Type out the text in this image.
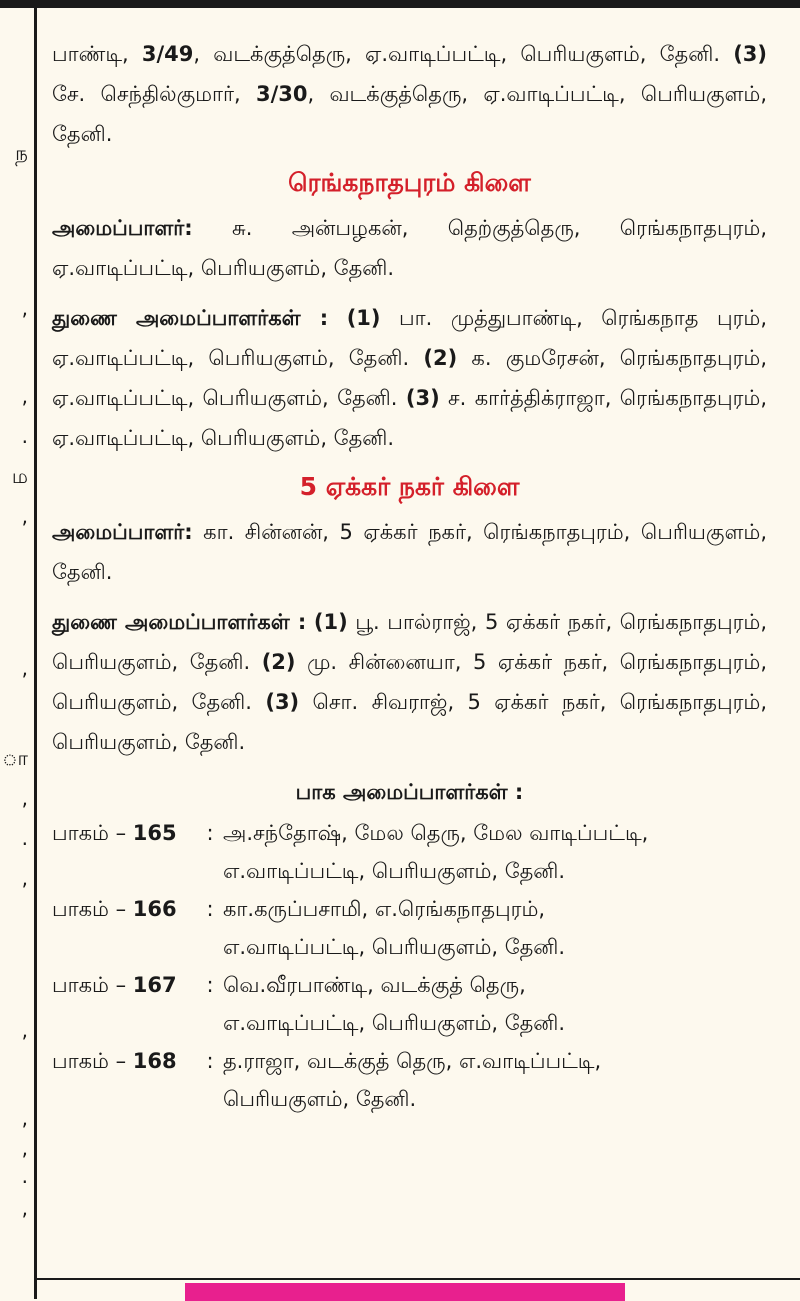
ந
,
,
.
ம
,
,
ா
,
.
,
,
,
,
.
,

பாண்டி, 3/49, வடக்குத்தெரு, ஏ.வாடிப்பட்டி, பெரியகுளம், தேனி. (3) சே. செந்தில்குமார், 3/30, வடக்குத்தெரு, ஏ.வாடிப்பட்டி, பெரியகுளம், தேனி.

ரெங்கநாதபுரம் கிளை

அமைப்பாளர்: சு. அன்பழகன், தெற்குத்தெரு, ரெங்கநாதபுரம், ஏ.வாடிப்பட்டி, பெரியகுளம், தேனி.

துணை அமைப்பாளர்கள் : (1) பா. முத்துபாண்டி, ரெங்கநாத புரம், ஏ.வாடிப்பட்டி, பெரியகுளம், தேனி. (2) க. குமரேசன், ரெங்கநாதபுரம், ஏ.வாடிப்பட்டி, பெரியகுளம், தேனி. (3) ச. கார்த்திக்ராஜா, ரெங்கநாதபுரம், ஏ.வாடிப்பட்டி, பெரியகுளம், தேனி.

5 ஏக்கர் நகர் கிளை

அமைப்பாளர்: கா. சின்னன், 5 ஏக்கர் நகர், ரெங்கநாதபுரம், பெரியகுளம், தேனி.

துணை அமைப்பாளர்கள் : (1) பூ. பால்ராஜ், 5 ஏக்கர் நகர், ரெங்கநாதபுரம், பெரியகுளம், தேனி. (2) மு. சின்னையா, 5 ஏக்கர் நகர், ரெங்கநாதபுரம், பெரியகுளம், தேனி. (3) சொ. சிவராஜ், 5 ஏக்கர் நகர், ரெங்கநாதபுரம், பெரியகுளம், தேனி.

பாக அமைப்பாளர்கள் :
பாகம் – 165	: அ.சந்தோஷ், மேல தெரு, மேல வாடிப்பட்டி,
எ.வாடிப்பட்டி, பெரியகுளம், தேனி.
பாகம் – 166	: கா.கருப்பசாமி, எ.ரெங்கநாதபுரம்,
எ.வாடிப்பட்டி, பெரியகுளம், தேனி.
பாகம் – 167	: வெ.வீரபாண்டி, வடக்குத் தெரு,
எ.வாடிப்பட்டி, பெரியகுளம், தேனி.
பாகம் – 168	: த.ராஜா, வடக்குத் தெரு, எ.வாடிப்பட்டி,
பெரியகுளம், தேனி.
